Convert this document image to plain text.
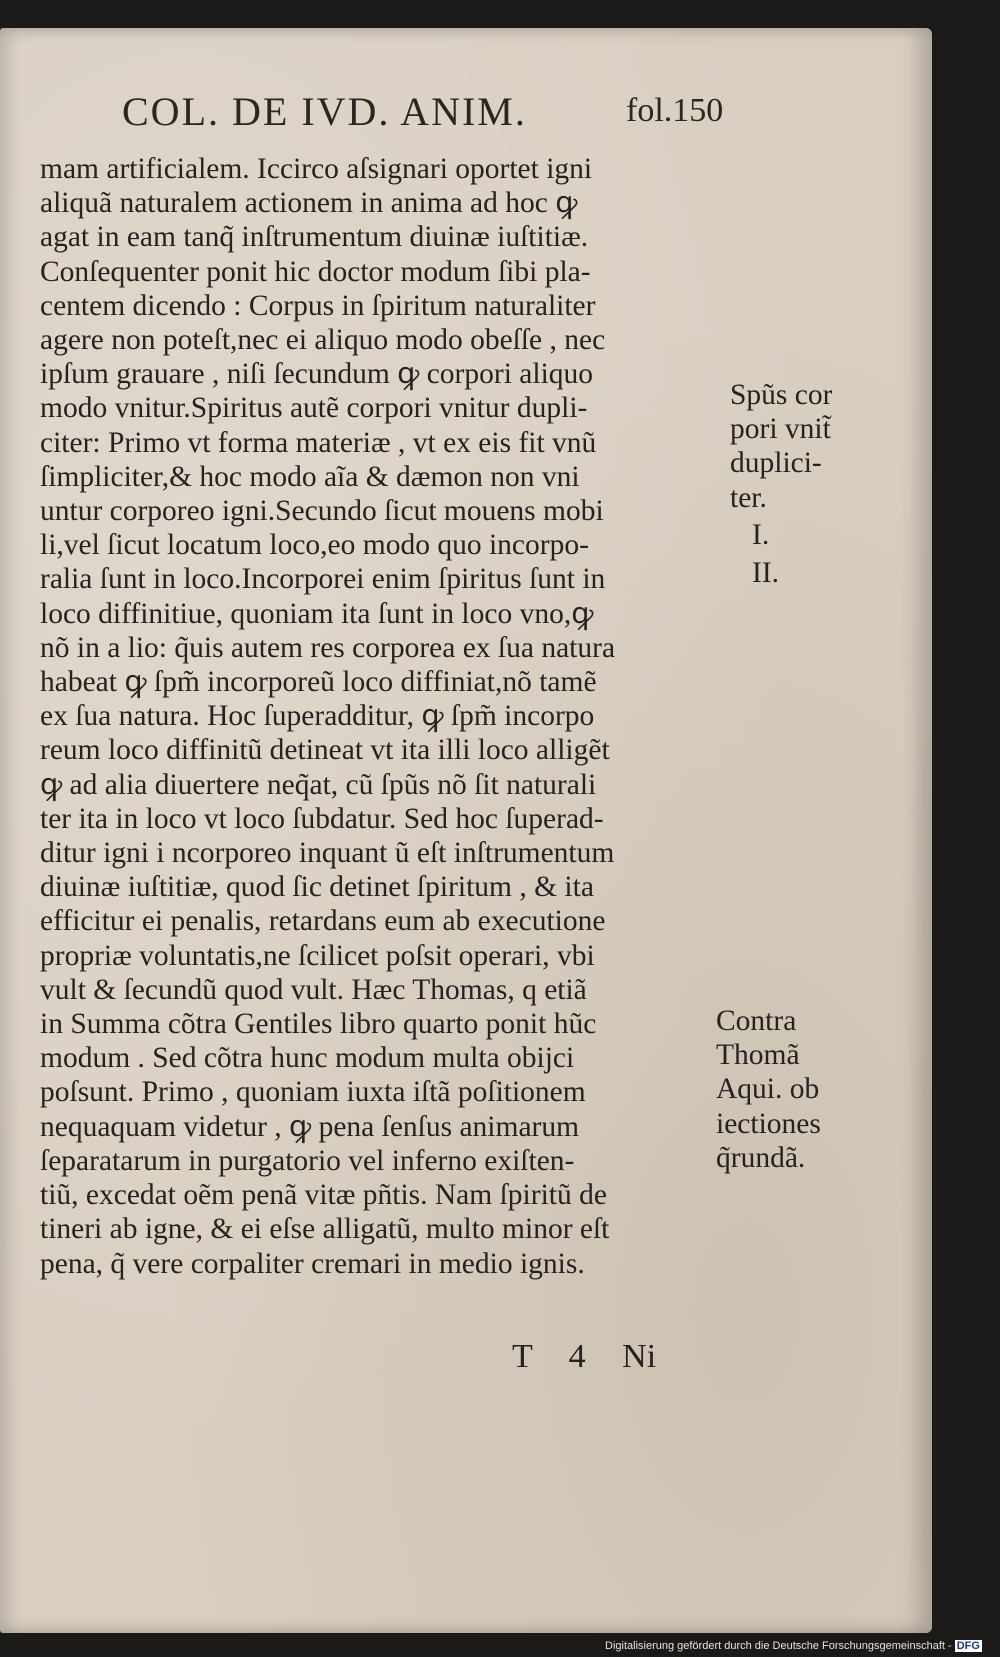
COL. DE IVD. ANIM.	fol.150
mam artificialem. Iccirco aſsignari oportet igni
aliquã naturalem actionem in anima ad hoc ꝙ
agat in eam tanq̃ inſtrumentum diuinæ iuſtitiæ.
Conſequenter ponit hic doctor modum ſibi pla-
centem dicendo : Corpus in ſpiritum naturaliter
agere non poteſt,nec ei aliquo modo obeſſe , nec
ipſum grauare , niſi ſecundum ꝙ corpori aliquo
modo vnitur.Spiritus autẽ corpori vnitur dupli-
citer: Primo vt forma materiæ , vt ex eis fit vnũ
ſimpliciter,& hoc modo aĩa & dæmon non vni
untur corporeo igni.Secundo ſicut mouens mobi
li,vel ſicut locatum loco,eo modo quo incorpo-
ralia ſunt in loco.Incorporei enim ſpiritus ſunt in
loco diffinitiue, quoniam ita ſunt in loco vno,ꝙ
nõ in a lio: q̃uis autem res corporea ex ſua natura
habeat ꝙ ſpm̃ incorporeũ loco diffiniat,nõ tamẽ
ex ſua natura. Hoc ſuperadditur, ꝙ ſpm̃ incorpo
reum loco diffinitũ detineat vt ita illi loco alligẽt
ꝙ ad alia diuertere neq̃at, cũ ſpũs nõ ſit naturali
ter ita in loco vt loco ſubdatur. Sed hoc ſuperad-
ditur igni i ncorporeo inquant ũ eſt inſtrumentum
diuinæ iuſtitiæ, quod ſic detinet ſpiritum , & ita
efficitur ei penalis, retardans eum ab executione
propriæ voluntatis,ne ſcilicet poſsit operari, vbi
vult & ſecundũ quod vult. Hæc Thomas, q etiã
in Summa cõtra Gentiles libro quarto ponit hũc
modum . Sed cõtra hunc modum multa obijci
poſsunt. Primo , quoniam iuxta iſtã poſitionem
nequaquam videtur , ꝙ pena ſenſus animarum
ſeparatarum in purgatorio vel inferno exiſten-
tiũ, excedat oẽm penã vitæ pñtis. Nam ſpiritũ de
tineri ab igne, & ei eſse alligatũ, multo minor eſt
pena, q̃ vere corpaliter cremari in medio ignis.
Spũs cor
pori vnit̃
duplici-
ter.
I.
II.
Contra
Thomã
Aqui. ob
iectiones
q̃rundã.
T 4 Ni
Digitalisierung gefördert durch die Deutsche Forschungsgemeinschaft - DFG
